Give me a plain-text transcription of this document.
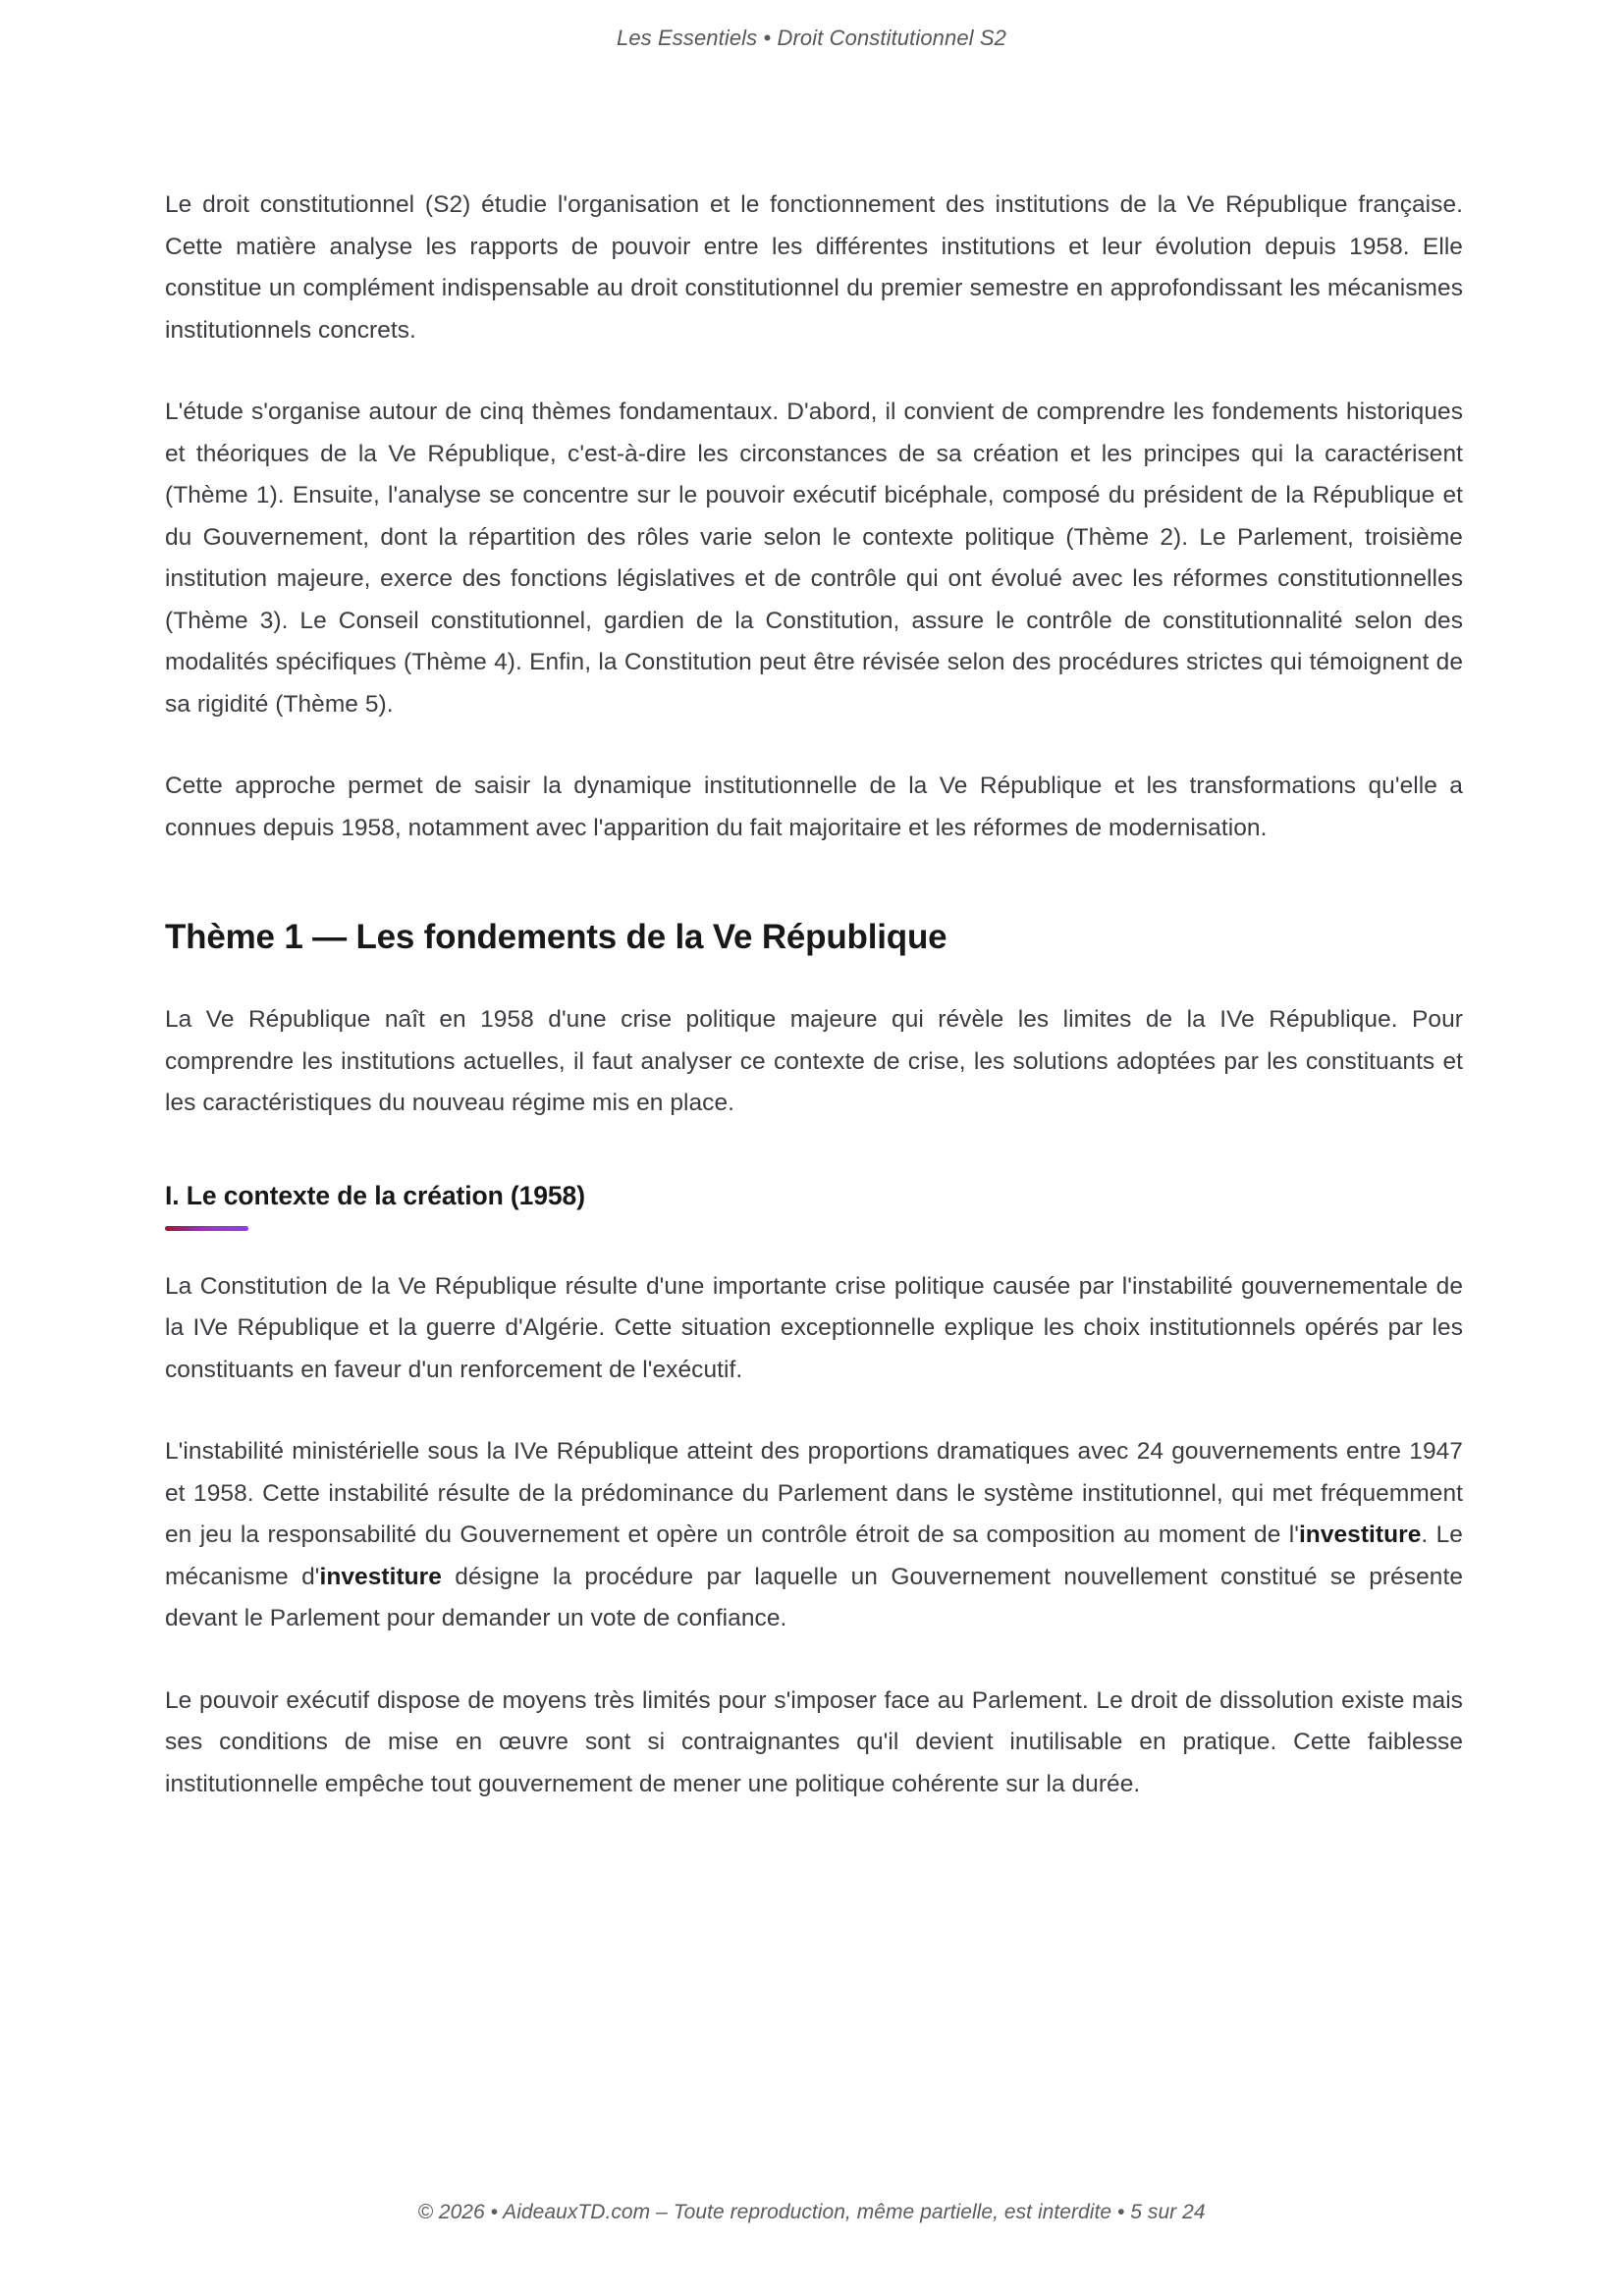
Les Essentiels • Droit Constitutionnel S2

Le droit constitutionnel (S2) étudie l'organisation et le fonctionnement des institutions de la Ve République française. Cette matière analyse les rapports de pouvoir entre les différentes institutions et leur évolution depuis 1958. Elle constitue un complément indispensable au droit constitutionnel du premier semestre en approfondissant les mécanismes institutionnels concrets.

L'étude s'organise autour de cinq thèmes fondamentaux. D'abord, il convient de comprendre les fondements historiques et théoriques de la Ve République, c'est-à-dire les circonstances de sa création et les principes qui la caractérisent (Thème 1). Ensuite, l'analyse se concentre sur le pouvoir exécutif bicéphale, composé du président de la République et du Gouvernement, dont la répartition des rôles varie selon le contexte politique (Thème 2). Le Parlement, troisième institution majeure, exerce des fonctions législatives et de contrôle qui ont évolué avec les réformes constitutionnelles (Thème 3). Le Conseil constitutionnel, gardien de la Constitution, assure le contrôle de constitutionnalité selon des modalités spécifiques (Thème 4). Enfin, la Constitution peut être révisée selon des procédures strictes qui témoignent de sa rigidité (Thème 5).

Cette approche permet de saisir la dynamique institutionnelle de la Ve République et les transformations qu'elle a connues depuis 1958, notamment avec l'apparition du fait majoritaire et les réformes de modernisation.

Thème 1 — Les fondements de la Ve République

La Ve République naît en 1958 d'une crise politique majeure qui révèle les limites de la IVe République. Pour comprendre les institutions actuelles, il faut analyser ce contexte de crise, les solutions adoptées par les constituants et les caractéristiques du nouveau régime mis en place.

I. Le contexte de la création (1958)

La Constitution de la Ve République résulte d'une importante crise politique causée par l'instabilité gouvernementale de la IVe République et la guerre d'Algérie. Cette situation exceptionnelle explique les choix institutionnels opérés par les constituants en faveur d'un renforcement de l'exécutif.

L'instabilité ministérielle sous la IVe République atteint des proportions dramatiques avec 24 gouvernements entre 1947 et 1958. Cette instabilité résulte de la prédominance du Parlement dans le système institutionnel, qui met fréquemment en jeu la responsabilité du Gouvernement et opère un contrôle étroit de sa composition au moment de l'investiture. Le mécanisme d'investiture désigne la procédure par laquelle un Gouvernement nouvellement constitué se présente devant le Parlement pour demander un vote de confiance.

Le pouvoir exécutif dispose de moyens très limités pour s'imposer face au Parlement. Le droit de dissolution existe mais ses conditions de mise en œuvre sont si contraignantes qu'il devient inutilisable en pratique. Cette faiblesse institutionnelle empêche tout gouvernement de mener une politique cohérente sur la durée.

© 2026 • AideauxTD.com – Toute reproduction, même partielle, est interdite • 5 sur 24
